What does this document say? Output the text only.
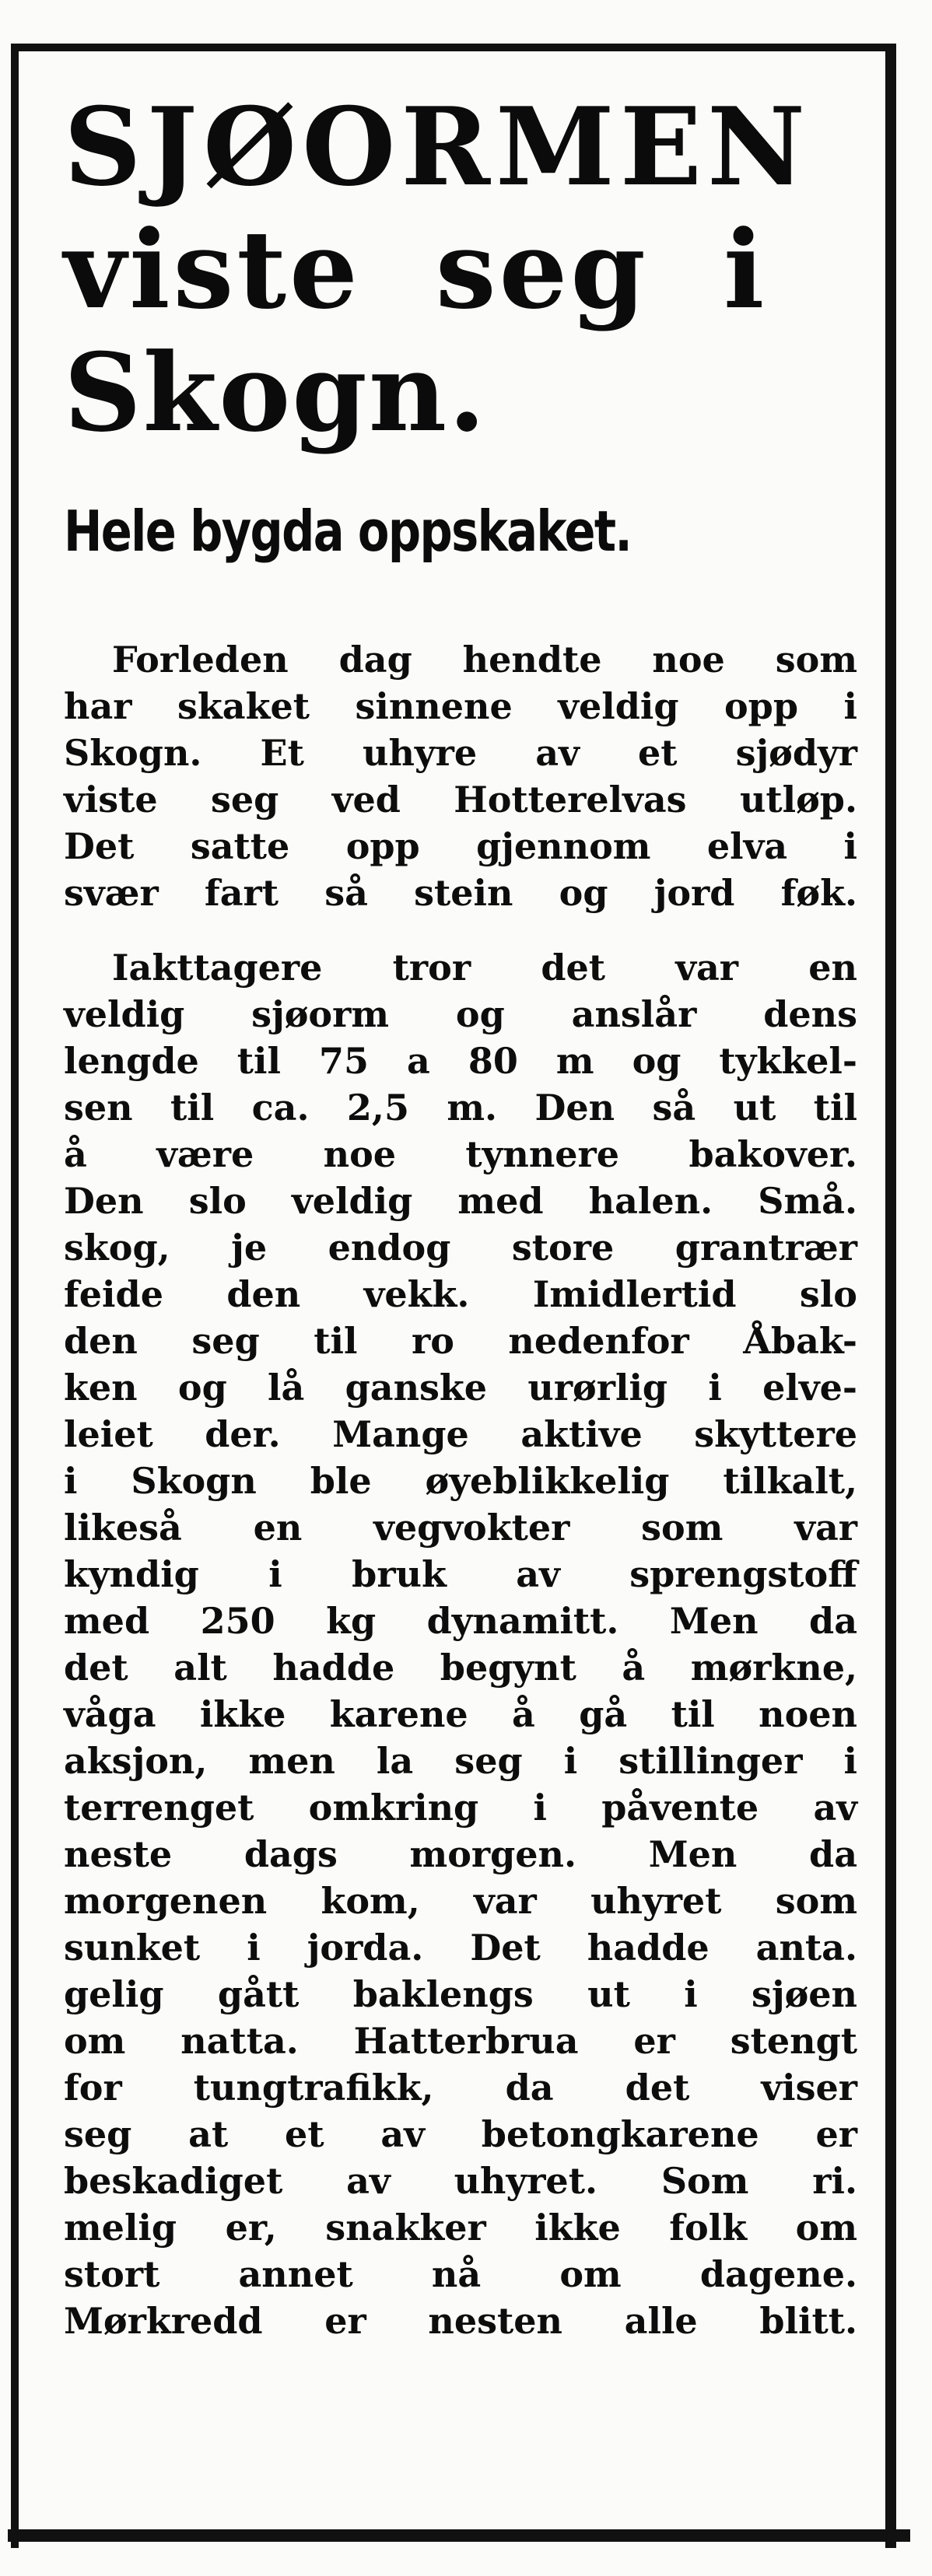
SJØORMEN
viste seg i
Skogn.
Hele bygda oppskaket.
Forleden dag hendte noe som
har skaket sinnene veldig opp i
Skogn. Et uhyre av et sjødyr
viste seg ved Hotterelvas utløp.
Det satte opp gjennom elva i
svær fart så stein og jord føk.
Iakttagere tror det var en
veldig sjøorm og anslår dens
lengde til 75 a 80 m og tykkel-
sen til ca. 2,5 m. Den så ut til
å være noe tynnere bakover.
Den slo veldig med halen. Små.
skog, je endog store grantrær
feide den vekk. Imidlertid slo
den seg til ro nedenfor Åbak-
ken og lå ganske urørlig i elve-
leiet der. Mange aktive skyttere
i Skogn ble øyeblikkelig tilkalt,
likeså en vegvokter som var
kyndig i bruk av sprengstoff
med 250 kg dynamitt. Men da
det alt hadde begynt å mørkne,
våga ikke karene å gå til noen
aksjon, men la seg i stillinger i
terrenget omkring i påvente av
neste dags morgen. Men da
morgenen kom, var uhyret som
sunket i jorda. Det hadde anta.
gelig gått baklengs ut i sjøen
om natta. Hatterbrua er stengt
for tungtrafikk, da det viser
seg at et av betongkarene er
beskadiget av uhyret. Som ri.
melig er, snakker ikke folk om
stort annet nå om dagene.
Mørkredd er nesten alle blitt.
